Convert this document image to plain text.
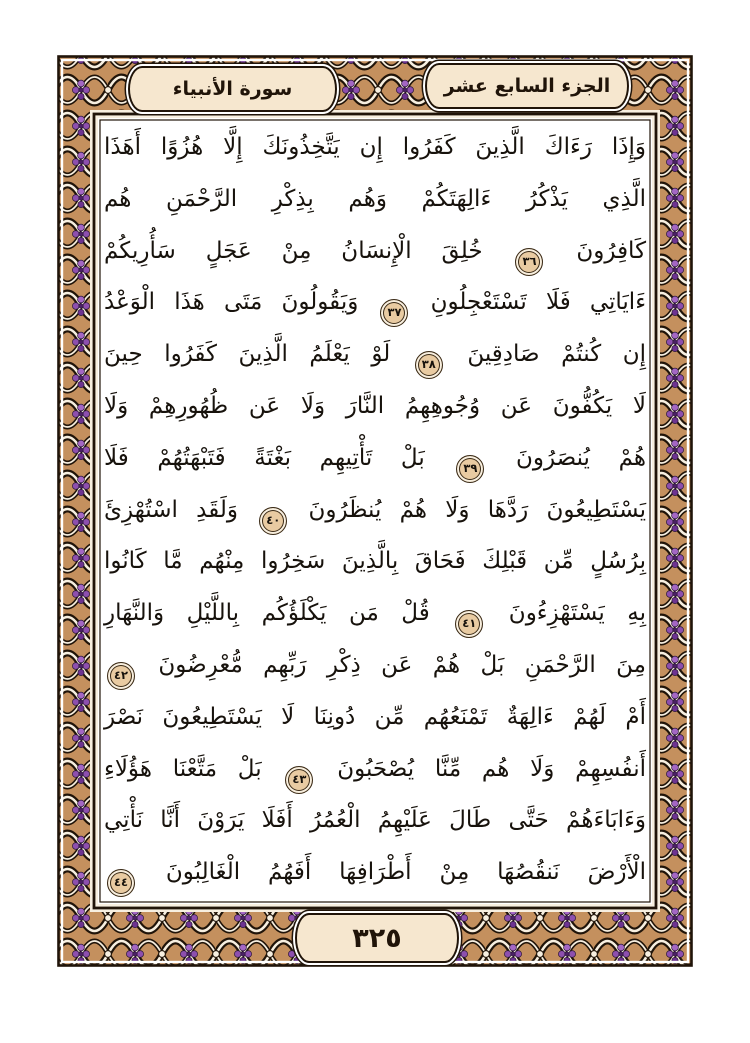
الجزء السابع عشر
سورة الأنبياء
وَإِذَا رَءَاكَ الَّذِينَ كَفَرُوا إِن يَتَّخِذُونَكَ إِلَّا هُزُوًا أَهَذَا
الَّذِي يَذْكُرُ ءَالِهَتَكُمْ وَهُم بِذِكْرِ الرَّحْمَنِ هُم
كَافِرُونَ ٣٦ خُلِقَ الْإِنسَانُ مِنْ عَجَلٍ سَأُرِيكُمْ
ءَايَاتِي فَلَا تَسْتَعْجِلُونِ ٣٧ وَيَقُولُونَ مَتَى هَذَا الْوَعْدُ
إِن كُنتُمْ صَادِقِينَ ٣٨ لَوْ يَعْلَمُ الَّذِينَ كَفَرُوا حِينَ
لَا يَكُفُّونَ عَن وُجُوهِهِمُ النَّارَ وَلَا عَن ظُهُورِهِمْ وَلَا
هُمْ يُنصَرُونَ ٣٩ بَلْ تَأْتِيهِم بَغْتَةً فَتَبْهَتُهُمْ فَلَا
يَسْتَطِيعُونَ رَدَّهَا وَلَا هُمْ يُنظَرُونَ ٤٠ وَلَقَدِ اسْتُهْزِئَ
بِرُسُلٍ مِّن قَبْلِكَ فَحَاقَ بِالَّذِينَ سَخِرُوا مِنْهُم مَّا كَانُوا
بِهِ يَسْتَهْزِءُونَ ٤١ قُلْ مَن يَكْلَؤُكُم بِاللَّيْلِ وَالنَّهَارِ
مِنَ الرَّحْمَنِ بَلْ هُمْ عَن ذِكْرِ رَبِّهِم مُّعْرِضُونَ ٤٢
أَمْ لَهُمْ ءَالِهَةٌ تَمْنَعُهُم مِّن دُونِنَا لَا يَسْتَطِيعُونَ نَصْرَ
أَنفُسِهِمْ وَلَا هُم مِّنَّا يُصْحَبُونَ ٤٣ بَلْ مَتَّعْنَا هَؤُلَاءِ
وَءَابَاءَهُمْ حَتَّى طَالَ عَلَيْهِمُ الْعُمُرُ أَفَلَا يَرَوْنَ أَنَّا نَأْتِي
الْأَرْضَ نَنقُصُهَا مِنْ أَطْرَافِهَا أَفَهُمُ الْغَالِبُونَ ٤٤
٣٢٥
